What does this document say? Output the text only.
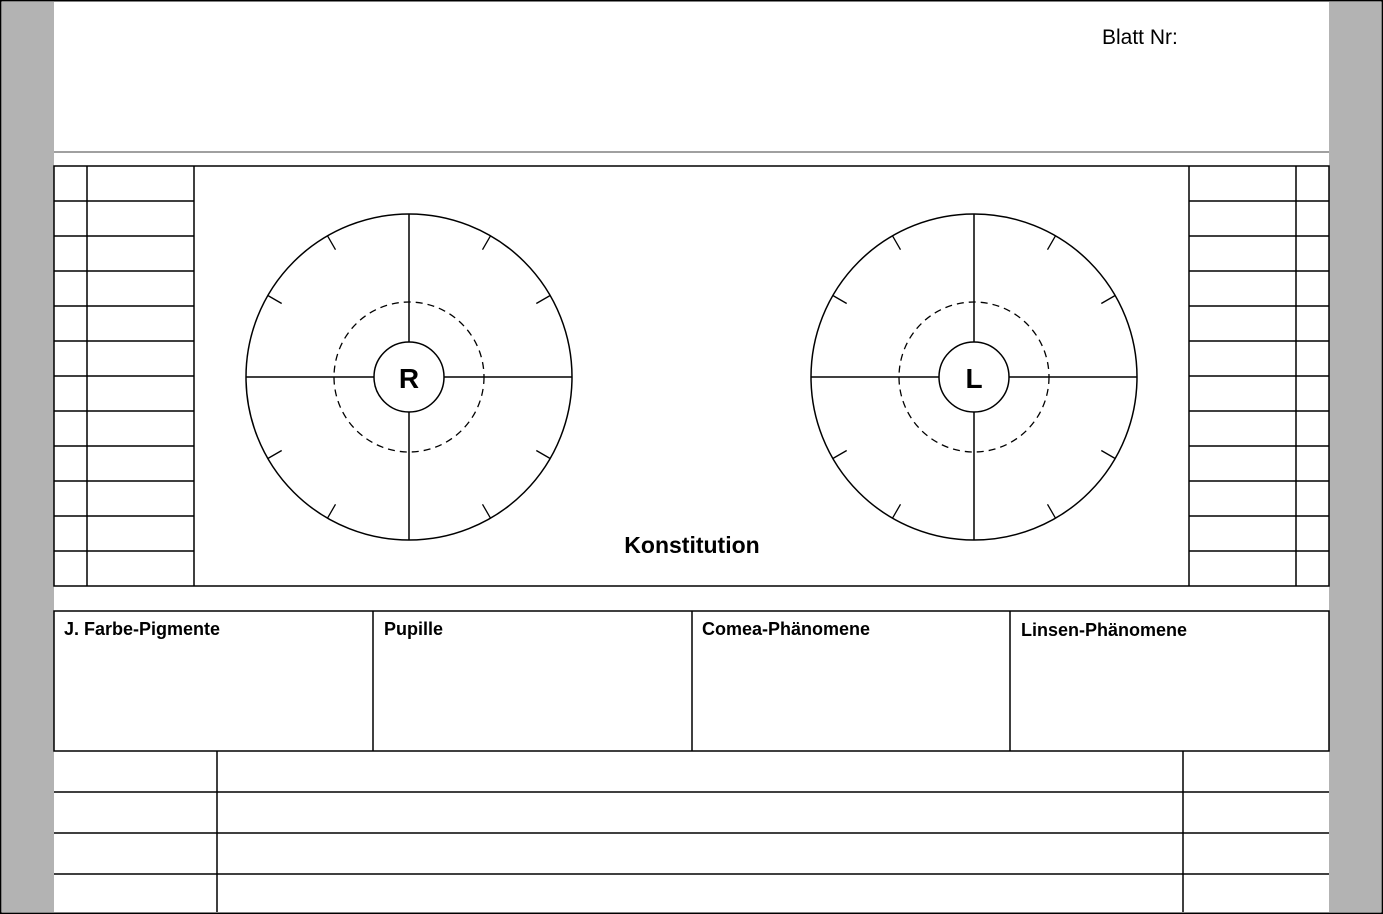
Blatt Nr:
R	L
Konstitution
J. Farbe-Pigmente	Pupille	Comea-Phänomene	Linsen-Phänomene
